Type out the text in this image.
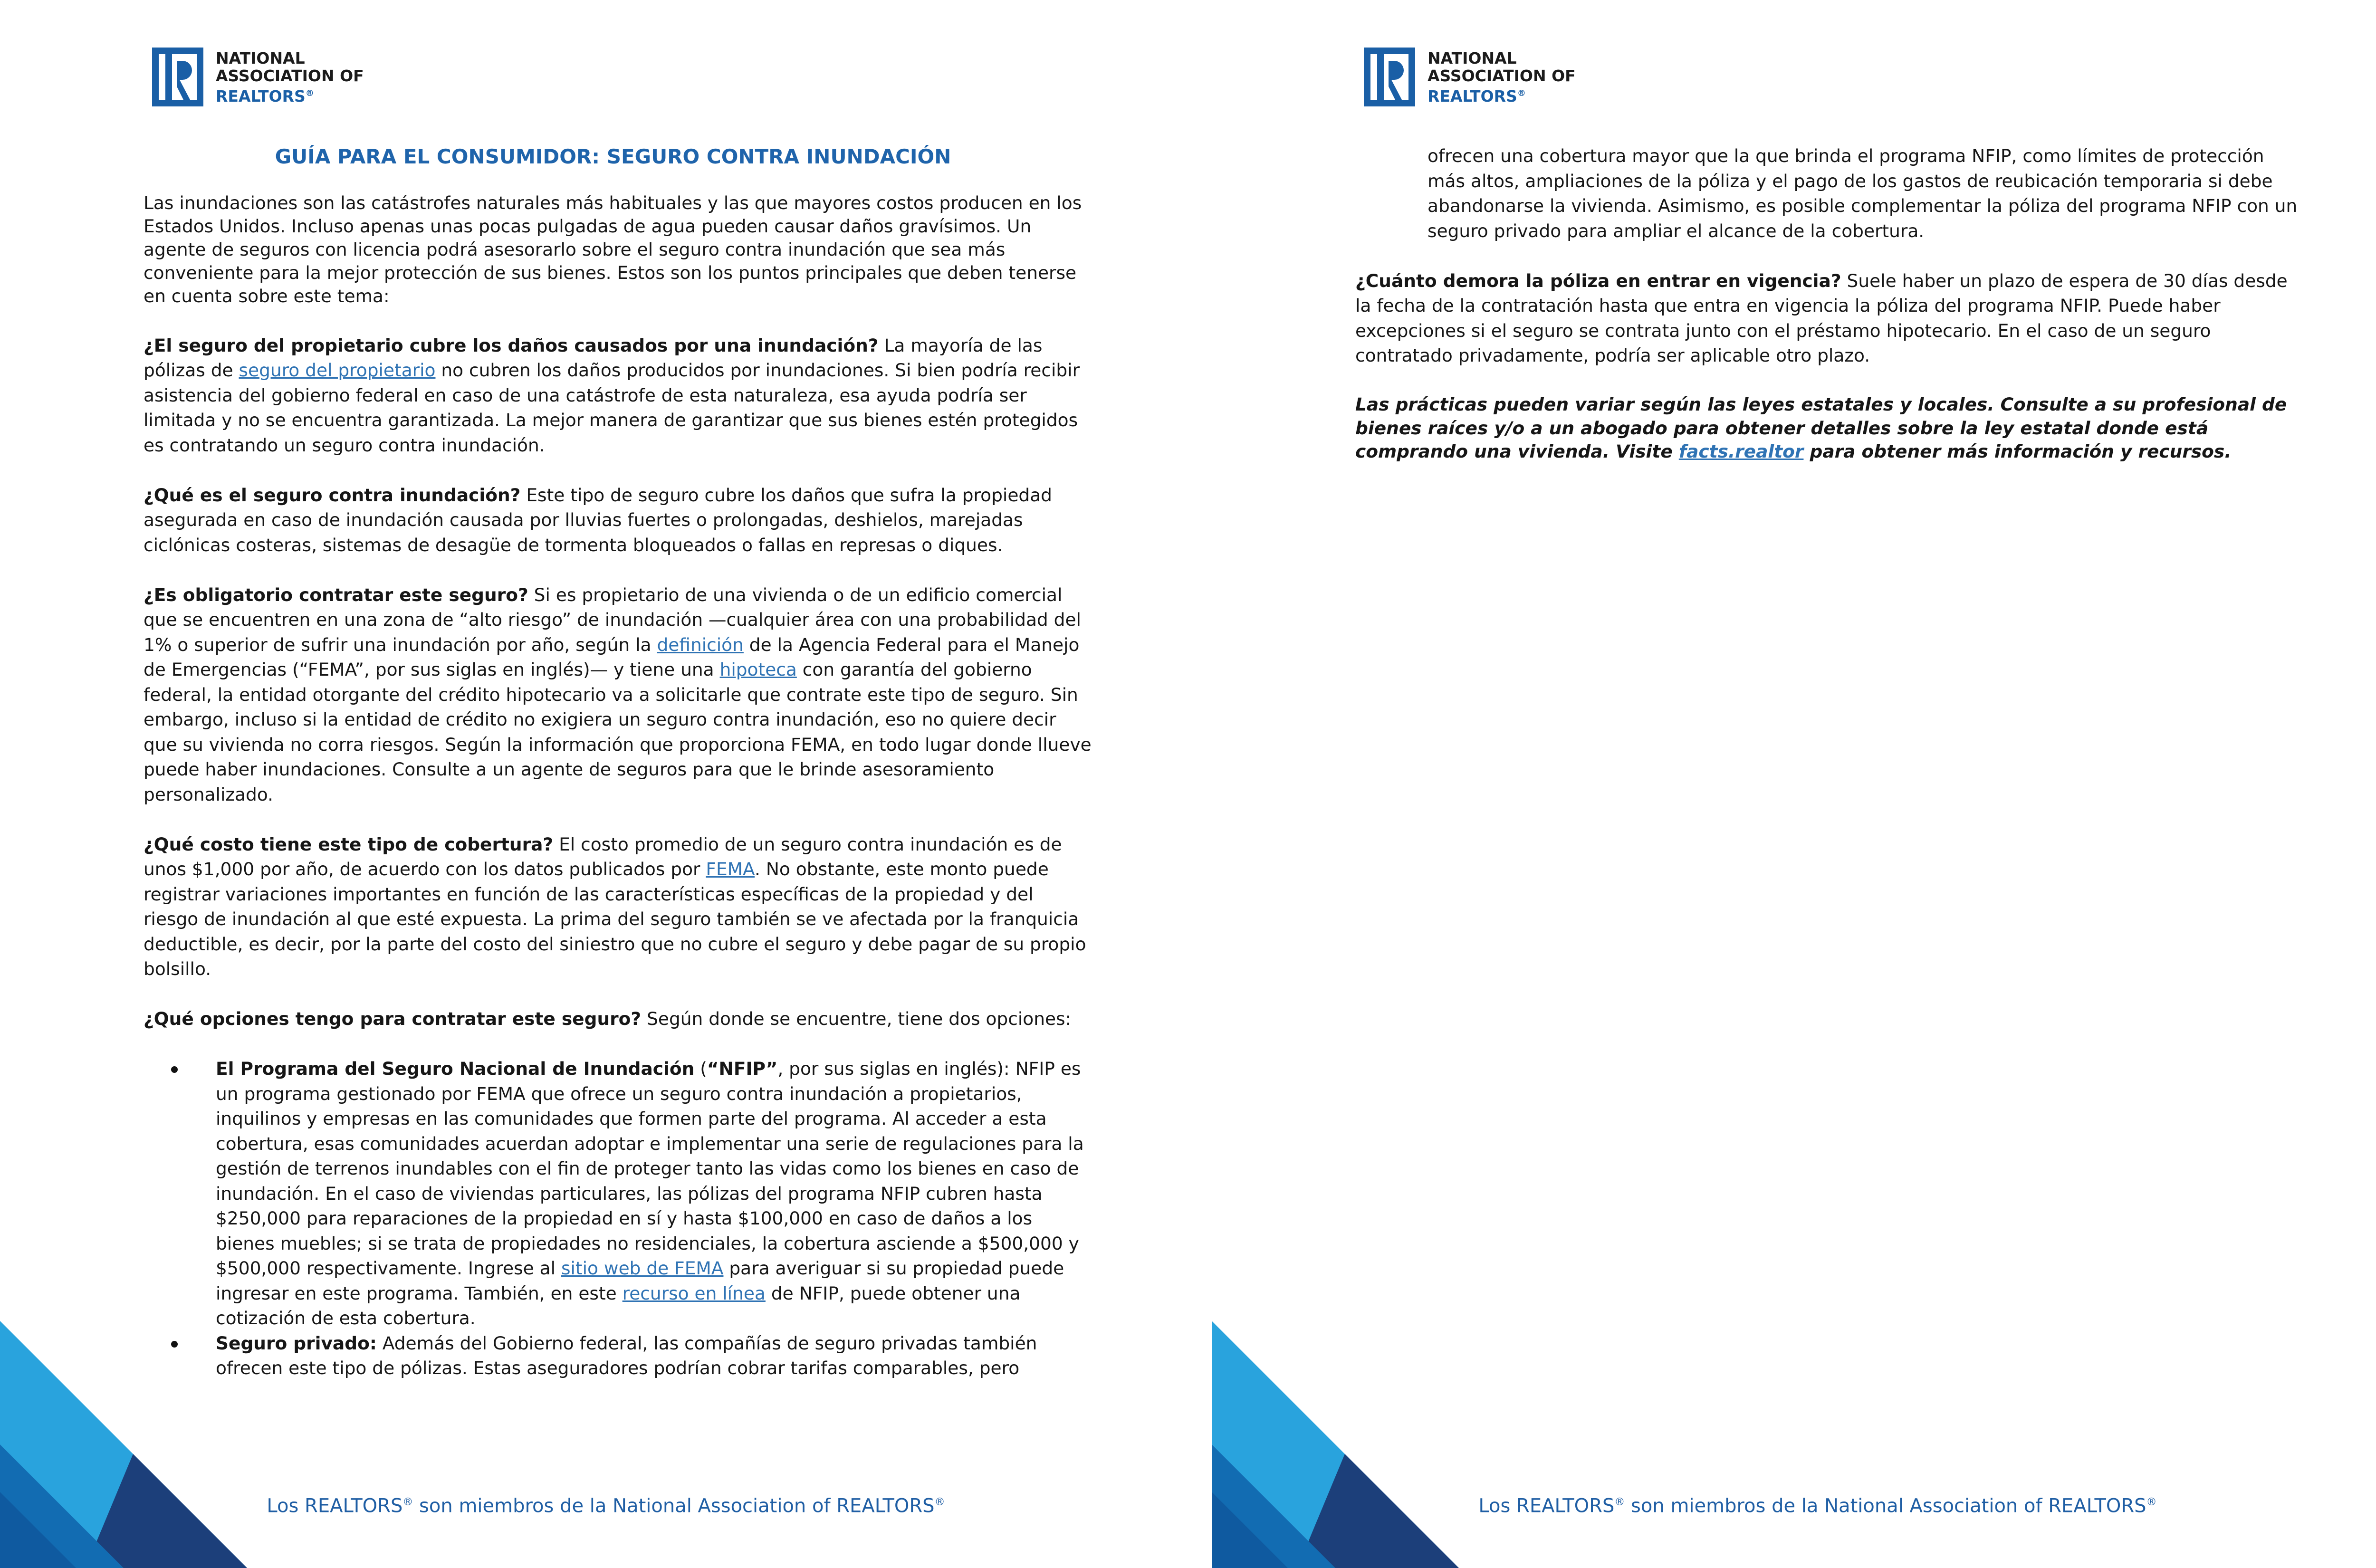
NATIONAL
ASSOCIATION OF
REALTORS®
GUÍA PARA EL CONSUMIDOR: SEGURO CONTRA INUNDACIÓN

Las inundaciones son las catástrofes naturales más habituales y las que mayores costos producen en los Estados Unidos. Incluso apenas unas pocas pulgadas de agua pueden causar daños gravísimos. Un agente de seguros con licencia podrá asesorarlo sobre el seguro contra inundación que sea más conveniente para la mejor protección de sus bienes. Estos son los puntos principales que deben tenerse en cuenta sobre este tema:

¿El seguro del propietario cubre los daños causados por una inundación? La mayoría de las pólizas de seguro del propietario no cubren los daños producidos por inundaciones. Si bien podría recibir asistencia del gobierno federal en caso de una catástrofe de esta naturaleza, esa ayuda podría ser limitada y no se encuentra garantizada. La mejor manera de garantizar que sus bienes estén protegidos es contratando un seguro contra inundación.

¿Qué es el seguro contra inundación? Este tipo de seguro cubre los daños que sufra la propiedad asegurada en caso de inundación causada por lluvias fuertes o prolongadas, deshielos, marejadas ciclónicas costeras, sistemas de desagüe de tormenta bloqueados o fallas en represas o diques.

¿Es obligatorio contratar este seguro? Si es propietario de una vivienda o de un edificio comercial que se encuentren en una zona de “alto riesgo” de inundación —cualquier área con una probabilidad del 1% o superior de sufrir una inundación por año, según la definición de la Agencia Federal para el Manejo de Emergencias (“FEMA”, por sus siglas en inglés)— y tiene una hipoteca con garantía del gobierno federal, la entidad otorgante del crédito hipotecario va a solicitarle que contrate este tipo de seguro. Sin embargo, incluso si la entidad de crédito no exigiera un seguro contra inundación, eso no quiere decir que su vivienda no corra riesgos. Según la información que proporciona FEMA, en todo lugar donde llueve puede haber inundaciones. Consulte a un agente de seguros para que le brinde asesoramiento personalizado.

¿Qué costo tiene este tipo de cobertura? El costo promedio de un seguro contra inundación es de unos $1,000 por año, de acuerdo con los datos publicados por FEMA. No obstante, este monto puede registrar variaciones importantes en función de las características específicas de la propiedad y del riesgo de inundación al que esté expuesta. La prima del seguro también se ve afectada por la franquicia deductible, es decir, por la parte del costo del siniestro que no cubre el seguro y debe pagar de su propio bolsillo.

¿Qué opciones tengo para contratar este seguro? Según donde se encuentre, tiene dos opciones:

El Programa del Seguro Nacional de Inundación (“NFIP”, por sus siglas en inglés): NFIP es un programa gestionado por FEMA que ofrece un seguro contra inundación a propietarios, inquilinos y empresas en las comunidades que formen parte del programa. Al acceder a esta cobertura, esas comunidades acuerdan adoptar e implementar una serie de regulaciones para la gestión de terrenos inundables con el fin de proteger tanto las vidas como los bienes en caso de inundación. En el caso de viviendas particulares, las pólizas del programa NFIP cubren hasta $250,000 para reparaciones de la propiedad en sí y hasta $100,000 en caso de daños a los bienes muebles; si se trata de propiedades no residenciales, la cobertura asciende a $500,000 y $500,000 respectivamente. Ingrese al sitio web de FEMA para averiguar si su propiedad puede ingresar en este programa. También, en este recurso en línea de NFIP, puede obtener una cotización de esta cobertura.
Seguro privado: Además del Gobierno federal, las compañías de seguro privadas también ofrecen este tipo de pólizas. Estas aseguradores podrían cobrar tarifas comparables, pero

Los REALTORS® son miembros de la National Association of REALTORS®

NATIONAL
ASSOCIATION OF
REALTORS®

ofrecen una cobertura mayor que la que brinda el programa NFIP, como límites de protección más altos, ampliaciones de la póliza y el pago de los gastos de reubicación temporaria si debe abandonarse la vivienda. Asimismo, es posible complementar la póliza del programa NFIP con un seguro privado para ampliar el alcance de la cobertura.

¿Cuánto demora la póliza en entrar en vigencia? Suele haber un plazo de espera de 30 días desde la fecha de la contratación hasta que entra en vigencia la póliza del programa NFIP. Puede haber excepciones si el seguro se contrata junto con el préstamo hipotecario. En el caso de un seguro contratado privadamente, podría ser aplicable otro plazo.

Las prácticas pueden variar según las leyes estatales y locales. Consulte a su profesional de bienes raíces y/o a un abogado para obtener detalles sobre la ley estatal donde está comprando una vivienda. Visite facts.realtor para obtener más información y recursos.

Los REALTORS® son miembros de la National Association of REALTORS®
